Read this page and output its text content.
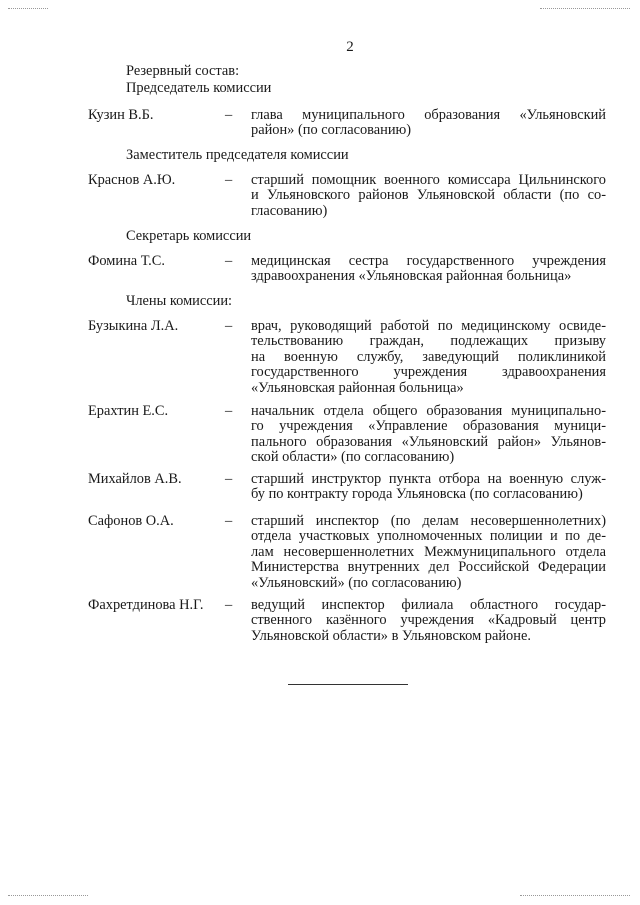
2
Резервный состав:
Председатель комиссии
Кузин В.Б.	– глава муниципального образования «Ульяновский
район» (по согласованию)
Заместитель председателя комиссии
Краснов А.Ю.	– старший помощник военного комиссара Цильнинского
и Ульяновского районов Ульяновской области (по со-
гласованию)
Секретарь комиссии
Фомина Т.С.	– медицинская сестра государственного учреждения
здравоохранения «Ульяновская районная больница»
Члены комиссии:
Бузыкина Л.А.	– врач, руководящий работой по медицинскому освиде-
тельствованию граждан, подлежащих призыву
на военную службу, заведующий поликлиникой
государственного учреждения здравоохранения
«Ульяновская районная больница»
Ерахтин Е.С.	– начальник отдела общего образования муниципально-
го учреждения «Управление образования муници-
пального образования «Ульяновский район» Ульянов-
ской области» (по согласованию)
Михайлов А.В.	– старший инструктор пункта отбора на военную служ-
бу по контракту города Ульяновска (по согласованию)
Сафонов О.А.	– старший инспектор (по делам несовершеннолетних)
отдела участковых уполномоченных полиции и по де-
лам несовершеннолетних Межмуниципального отдела
Министерства внутренних дел Российской Федерации
«Ульяновский» (по согласованию)
Фахретдинова Н.Г. – ведущий инспектор филиала областного государ-
ственного казённого учреждения «Кадровый центр
Ульяновской области» в Ульяновском районе.
